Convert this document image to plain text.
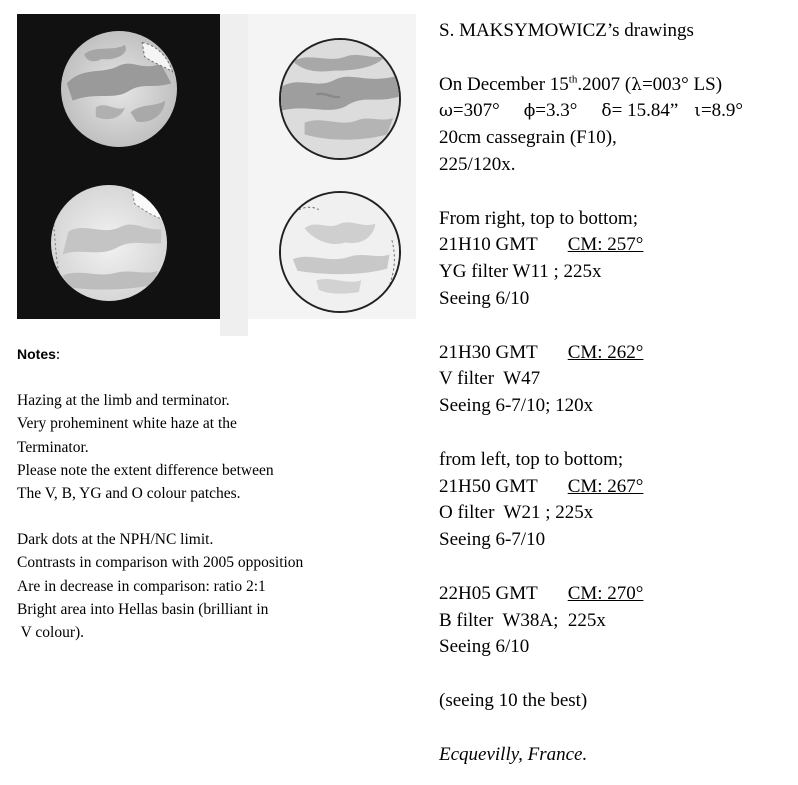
Notes:
Hazing at the limb and terminator.
Very proheminent white haze at the
Terminator.
Please note the extent difference between
The V, B, YG and O colour patches.
Dark dots at the NPH/NC limit.
Contrasts in comparison with 2005 opposition
Are in decrease in comparison: ratio 2:1
Bright area into Hellas basin (brilliant in
V colour).
S. MAKSYMOWICZ’s drawings
On December 15th.2007 (λ=003° LS)
ω=307° ϕ=3.3° δ= 15.84” ι=8.9°
20cm cassegrain (F10),
225/120x.
From right, top to bottom;
21H10 GMT CM: 257°
YG filter W11 ; 225x
Seeing 6/10
21H30 GMT CM: 262°
V filter  W47
Seeing 6-7/10; 120x
from left, top to bottom;
21H50 GMT CM: 267°
O filter  W21 ; 225x
Seeing 6-7/10
22H05 GMT CM: 270°
B filter  W38A;  225x
Seeing 6/10
(seeing 10 the best)
Ecquevilly, France.
